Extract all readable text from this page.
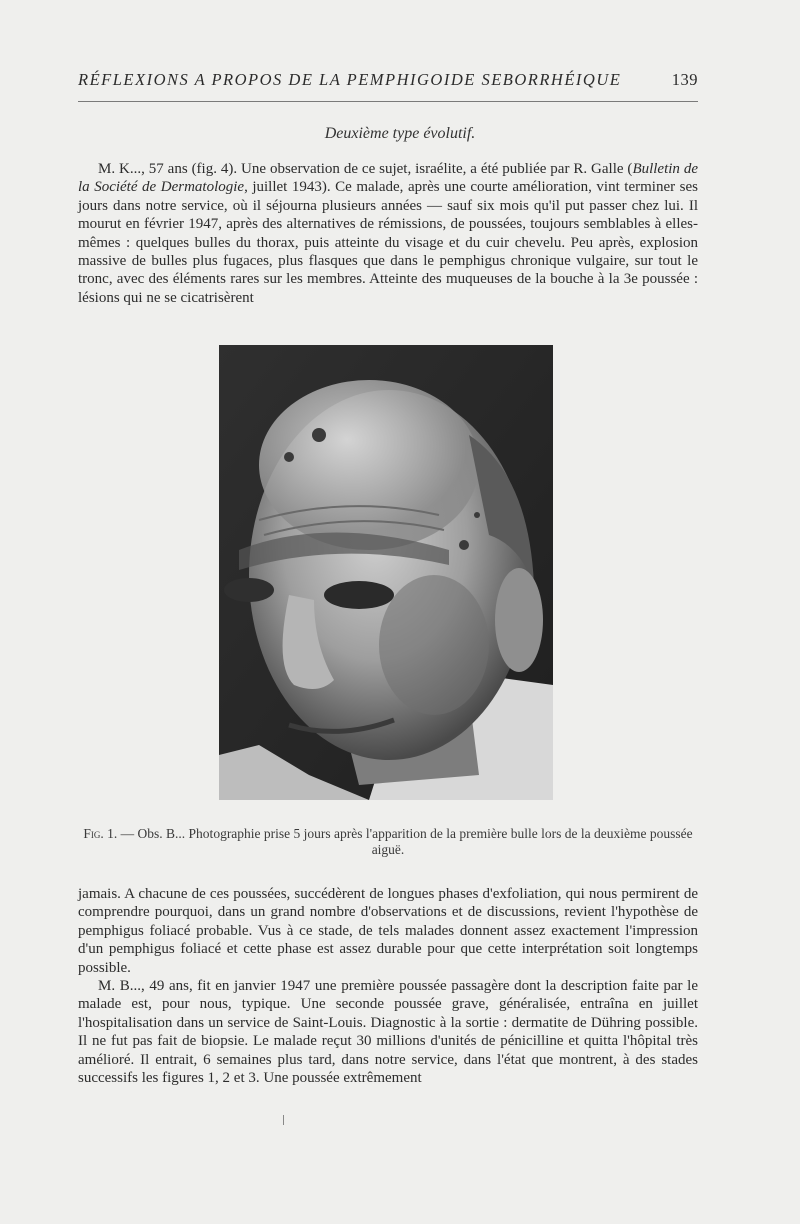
RÉFLEXIONS A PROPOS DE LA PEMPHIGOIDE SEBORRHÉIQUE	139
Deuxième type évolutif.

M. K..., 57 ans (fig. 4). Une observation de ce sujet, israélite, a été publiée par R. Galle (Bulletin de la Société de Dermatologie, juillet 1943). Ce malade, après une courte amélioration, vint terminer ses jours dans notre service, où il séjourna plusieurs années — sauf six mois qu'il put passer chez lui. Il mourut en février 1947, après des alternatives de rémissions, de poussées, toujours semblables à elles-mêmes : quelques bulles du thorax, puis atteinte du visage et du cuir chevelu. Peu après, explosion massive de bulles plus fugaces, plus flasques que dans le pemphigus chronique vulgaire, sur tout le tronc, avec des éléments rares sur les membres. Atteinte des muqueuses de la bouche à la 3e poussée : lésions qui ne se cicatrisèrent

Fig. 1. — Obs. B... Photographie prise 5 jours après l'apparition de la première bulle lors de la deuxième poussée aiguë.

jamais. A chacune de ces poussées, succédèrent de longues phases d'exfoliation, qui nous permirent de comprendre pourquoi, dans un grand nombre d'observations et de discussions, revient l'hypothèse de pemphigus foliacé probable. Vus à ce stade, de tels malades donnent assez exactement l'impression d'un pemphigus foliacé et cette phase est assez durable pour que cette interprétation soit longtemps possible.

M. B..., 49 ans, fit en janvier 1947 une première poussée passagère dont la description faite par le malade est, pour nous, typique. Une seconde poussée grave, généralisée, entraîna en juillet l'hospitalisation dans un service de Saint-Louis. Diagnostic à la sortie : dermatite de Dühring possible. Il ne fut pas fait de biopsie. Le malade reçut 30 millions d'unités de pénicilline et quitta l'hôpital très amélioré. Il entrait, 6 semaines plus tard, dans notre service, dans l'état que montrent, à des stades successifs les figures 1, 2 et 3. Une poussée extrêmement
